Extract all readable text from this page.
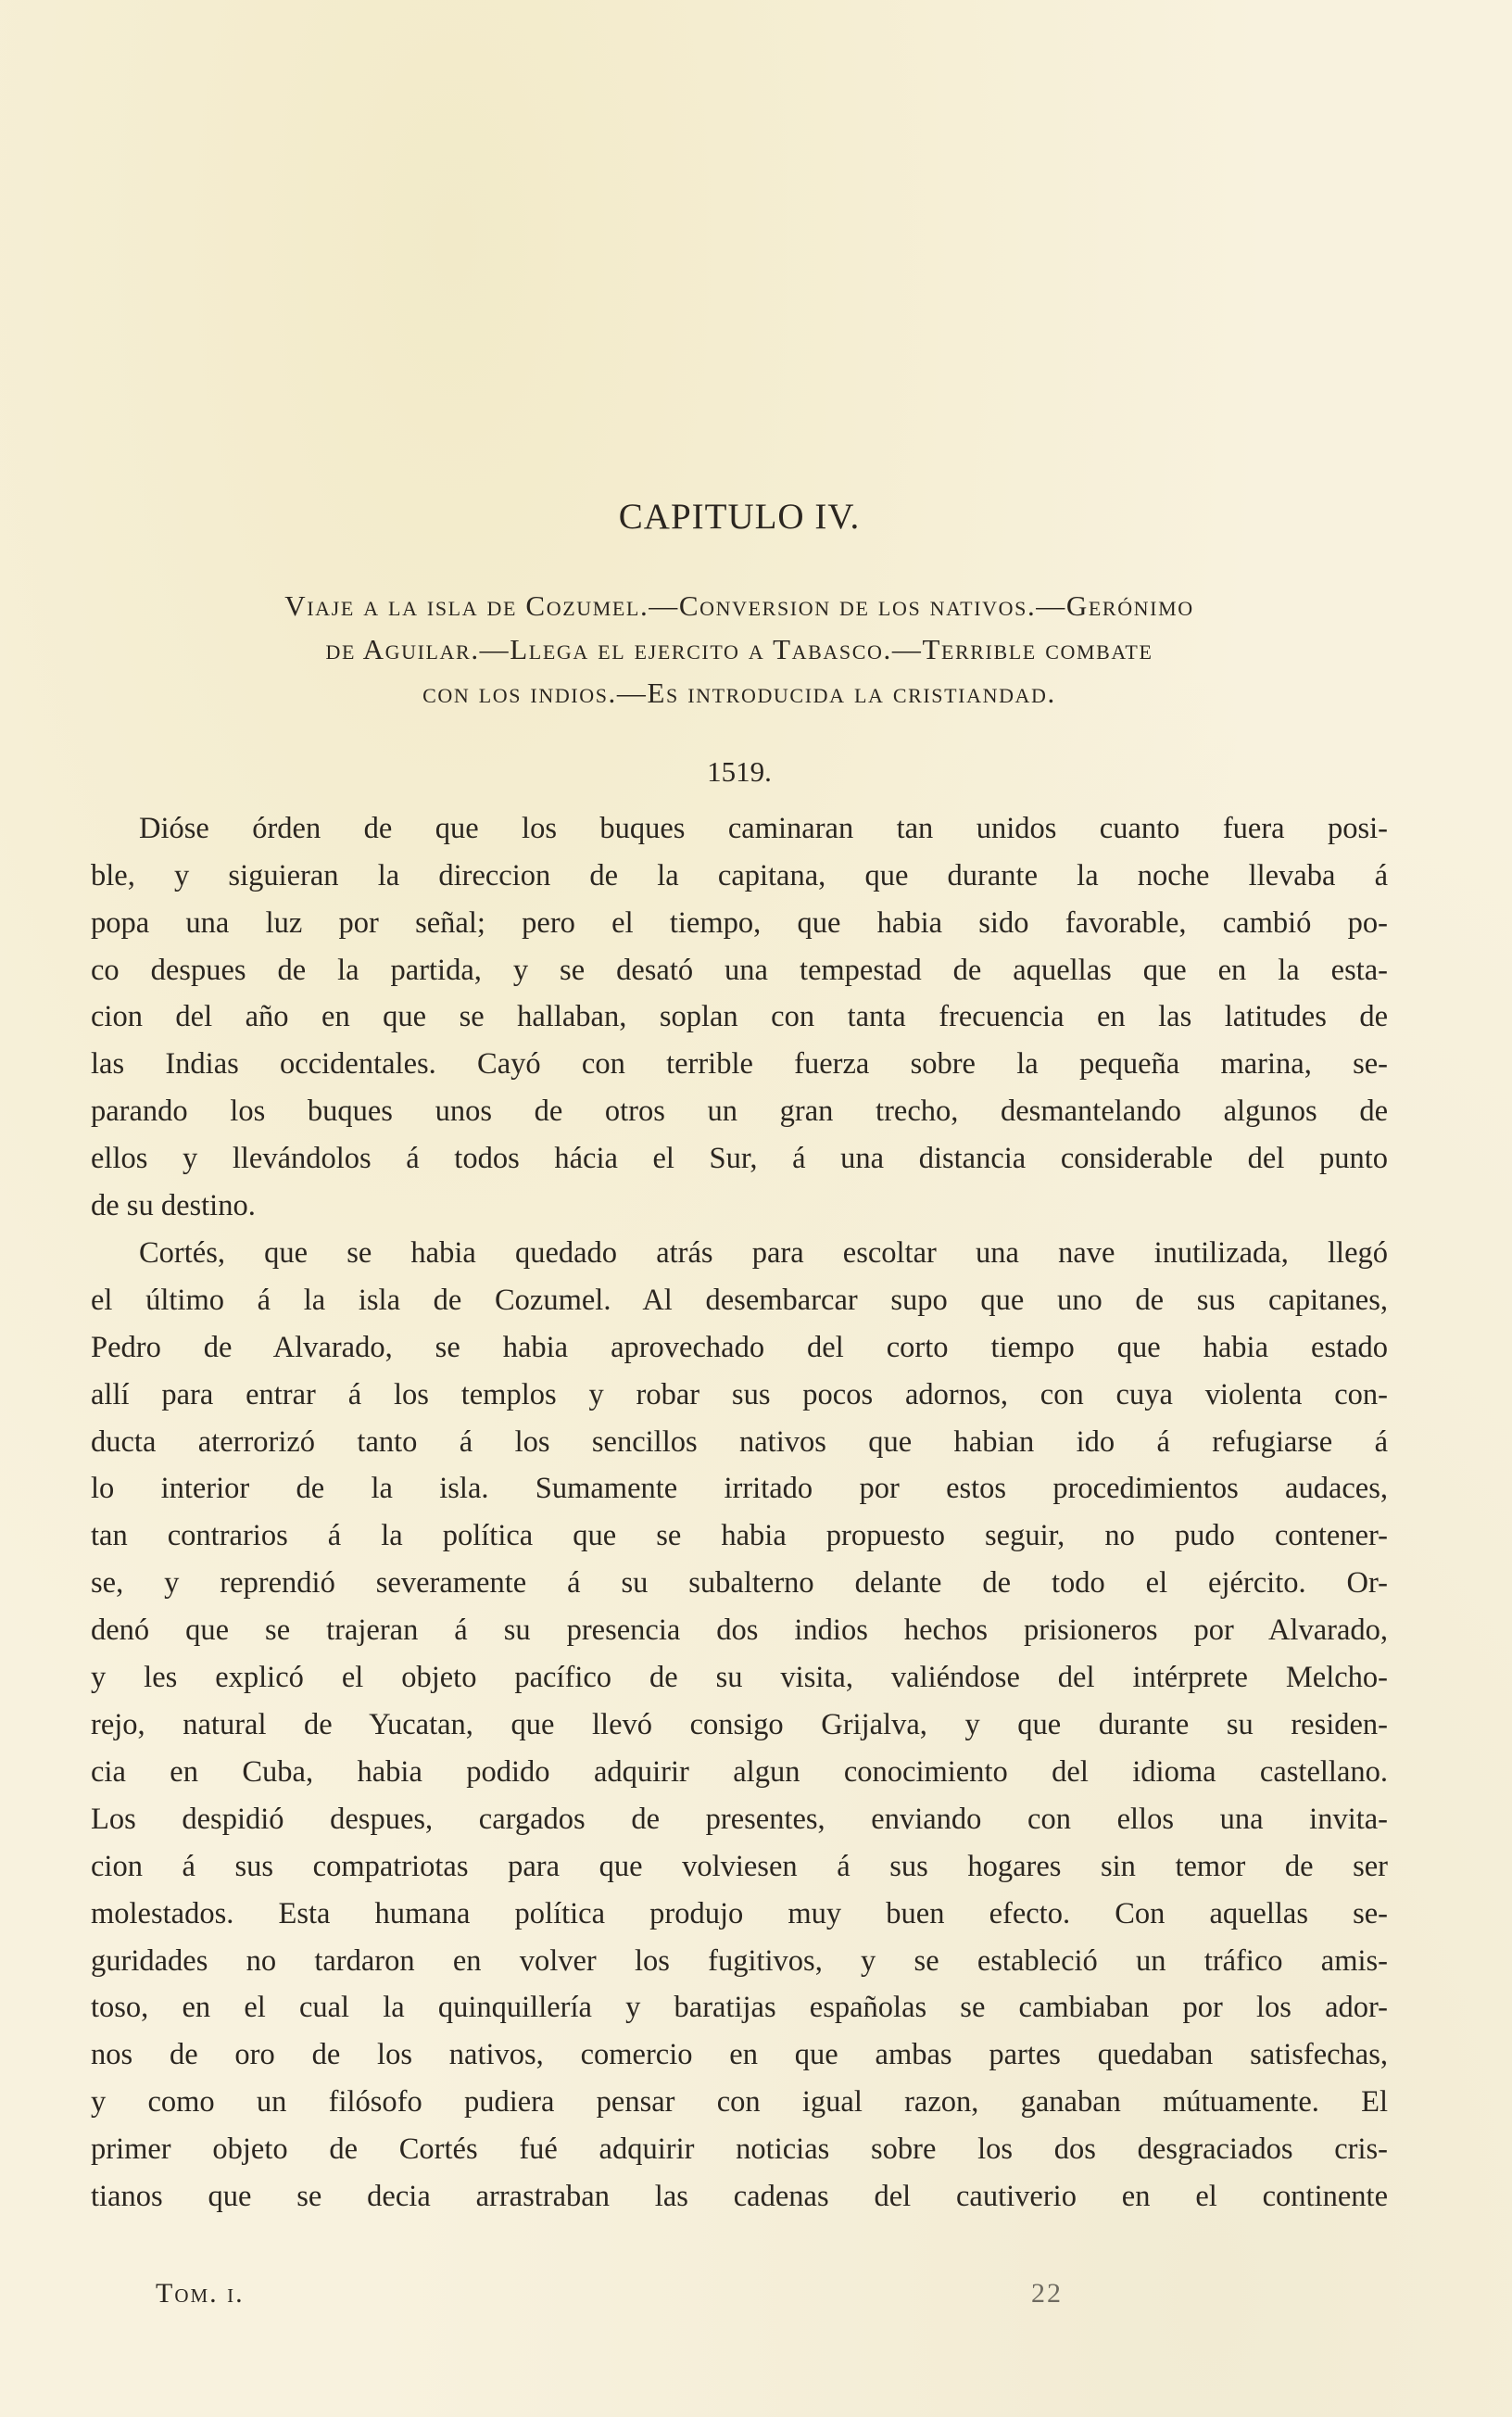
CAPITULO IV.
Viaje a la isla de Cozumel.—Conversion de los nativos.—Gerónimo
de Aguilar.—Llega el ejercito a Tabasco.—Terrible combate
con los indios.—Es introducida la cristiandad.
1519.
Dióse órden de que los buques caminaran tan unidos cuanto fuera posi-
ble, y siguieran la direccion de la capitana, que durante la noche llevaba á
popa una luz por señal; pero el tiempo, que habia sido favorable, cambió po-
co despues de la partida, y se desató una tempestad de aquellas que en la esta-
cion del año en que se hallaban, soplan con tanta frecuencia en las latitudes de
las Indias occidentales. Cayó con terrible fuerza sobre la pequeña marina, se-
parando los buques unos de otros un gran trecho, desmantelando algunos de
ellos y llevándolos á todos hácia el Sur, á una distancia considerable del punto
de su destino.
Cortés, que se habia quedado atrás para escoltar una nave inutilizada, llegó
el último á la isla de Cozumel. Al desembarcar supo que uno de sus capitanes,
Pedro de Alvarado, se habia aprovechado del corto tiempo que habia estado
allí para entrar á los templos y robar sus pocos adornos, con cuya violenta con-
ducta aterrorizó tanto á los sencillos nativos que habian ido á refugiarse á
lo interior de la isla. Sumamente irritado por estos procedimientos audaces,
tan contrarios á la política que se habia propuesto seguir, no pudo contener-
se, y reprendió severamente á su subalterno delante de todo el ejército. Or-
denó que se trajeran á su presencia dos indios hechos prisioneros por Alvarado,
y les explicó el objeto pacífico de su visita, valiéndose del intérprete Melcho-
rejo, natural de Yucatan, que llevó consigo Grijalva, y que durante su residen-
cia en Cuba, habia podido adquirir algun conocimiento del idioma castellano.
Los despidió despues, cargados de presentes, enviando con ellos una invita-
cion á sus compatriotas para que volviesen á sus hogares sin temor de ser
molestados. Esta humana política produjo muy buen efecto. Con aquellas se-
guridades no tardaron en volver los fugitivos, y se estableció un tráfico amis-
toso, en el cual la quinquillería y baratijas españolas se cambiaban por los ador-
nos de oro de los nativos, comercio en que ambas partes quedaban satisfechas,
y como un filósofo pudiera pensar con igual razon, ganaban mútuamente. El
primer objeto de Cortés fué adquirir noticias sobre los dos desgraciados cris-
tianos que se decia arrastraban las cadenas del cautiverio en el continente
Tom. i.	22
